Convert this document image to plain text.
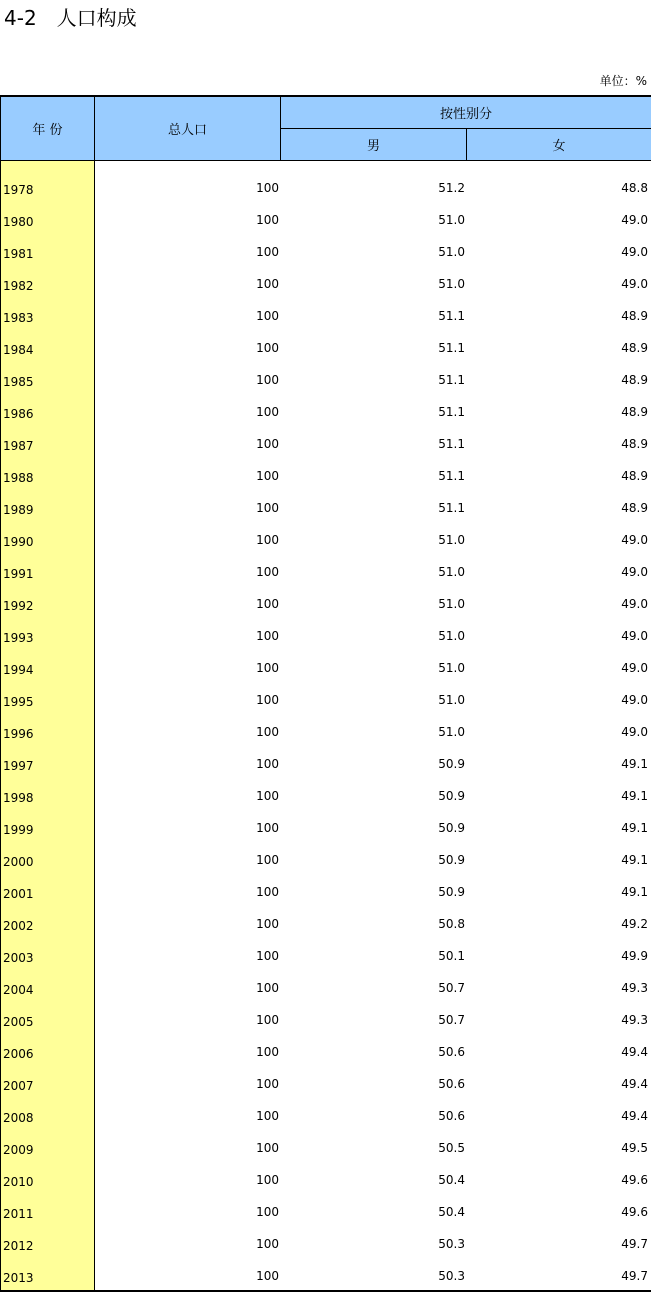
4-2　人口构成
单位：%
年 份	总人口
按性别分
男	女
1978	100	51.2	48.8
1980	100	51.0	49.0
1981	100	51.0	49.0
1982	100	51.0	49.0
1983	100	51.1	48.9
1984	100	51.1	48.9
1985	100	51.1	48.9
1986	100	51.1	48.9
1987	100	51.1	48.9
1988	100	51.1	48.9
1989	100	51.1	48.9
1990	100	51.0	49.0
1991	100	51.0	49.0
1992	100	51.0	49.0
1993	100	51.0	49.0
1994	100	51.0	49.0
1995	100	51.0	49.0
1996	100	51.0	49.0
1997	100	50.9	49.1
1998	100	50.9	49.1
1999	100	50.9	49.1
2000	100	50.9	49.1
2001	100	50.9	49.1
2002	100	50.8	49.2
2003	100	50.1	49.9
2004	100	50.7	49.3
2005	100	50.7	49.3
2006	100	50.6	49.4
2007	100	50.6	49.4
2008	100	50.6	49.4
2009	100	50.5	49.5
2010	100	50.4	49.6
2011	100	50.4	49.6
2012	100	50.3	49.7
2013	100	50.3	49.7
